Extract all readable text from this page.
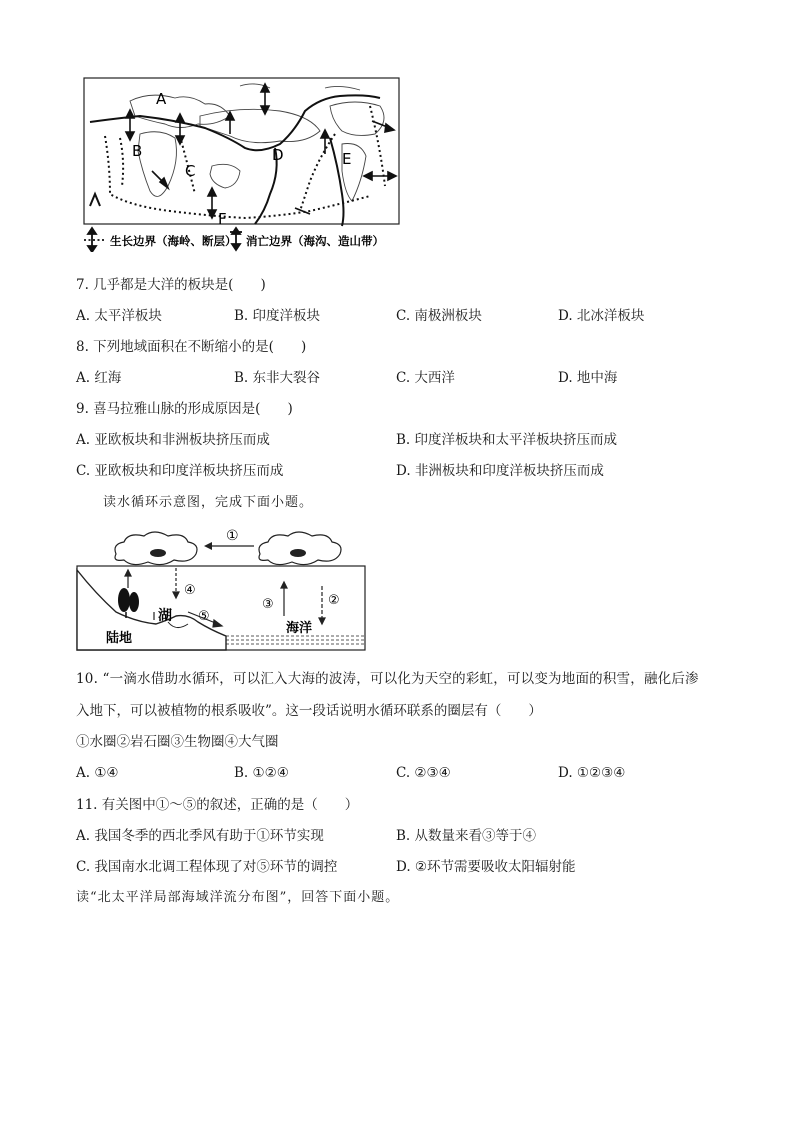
A
B
C
D	E
F
生长边界（海岭、断层） 消亡边界（海沟、造山带）
7. 几乎都是大洋的板块是(　　)
A. 太平洋板块	B. 印度洋板块	C. 南极洲板块	D. 北冰洋板块
8. 下列地域面积在不断缩小的是(　　)
A. 红海	B. 东非大裂谷	C. 大西洋	D. 地中海
9. 喜马拉雅山脉的形成原因是(　　)
A. 亚欧板块和非洲板块挤压而成	B. 印度洋板块和太平洋板块挤压而成
C. 亚欧板块和印度洋板块挤压而成	D. 非洲板块和印度洋板块挤压而成
读水循环示意图，完成下面小题。
①
④
⑤
③	②
湖
陆地
海洋
10. “一滴水借助水循环，可以汇入大海的波涛，可以化为天空的彩虹，可以变为地面的积雪，融化后渗
入地下，可以被植物的根系吸收”。这一段话说明水循环联系的圈层有（　　）
①水圈②岩石圈③生物圈④大气圈
A. ①④	B. ①②④	C. ②③④	D. ①②③④
11. 有关图中①～⑤的叙述，正确的是（　　）
A. 我国冬季的西北季风有助于①环节实现	B. 从数量来看③等于④
C. 我国南水北调工程体现了对⑤环节的调控	D. ②环节需要吸收太阳辐射能
读“北太平洋局部海域洋流分布图”，回答下面小题。
